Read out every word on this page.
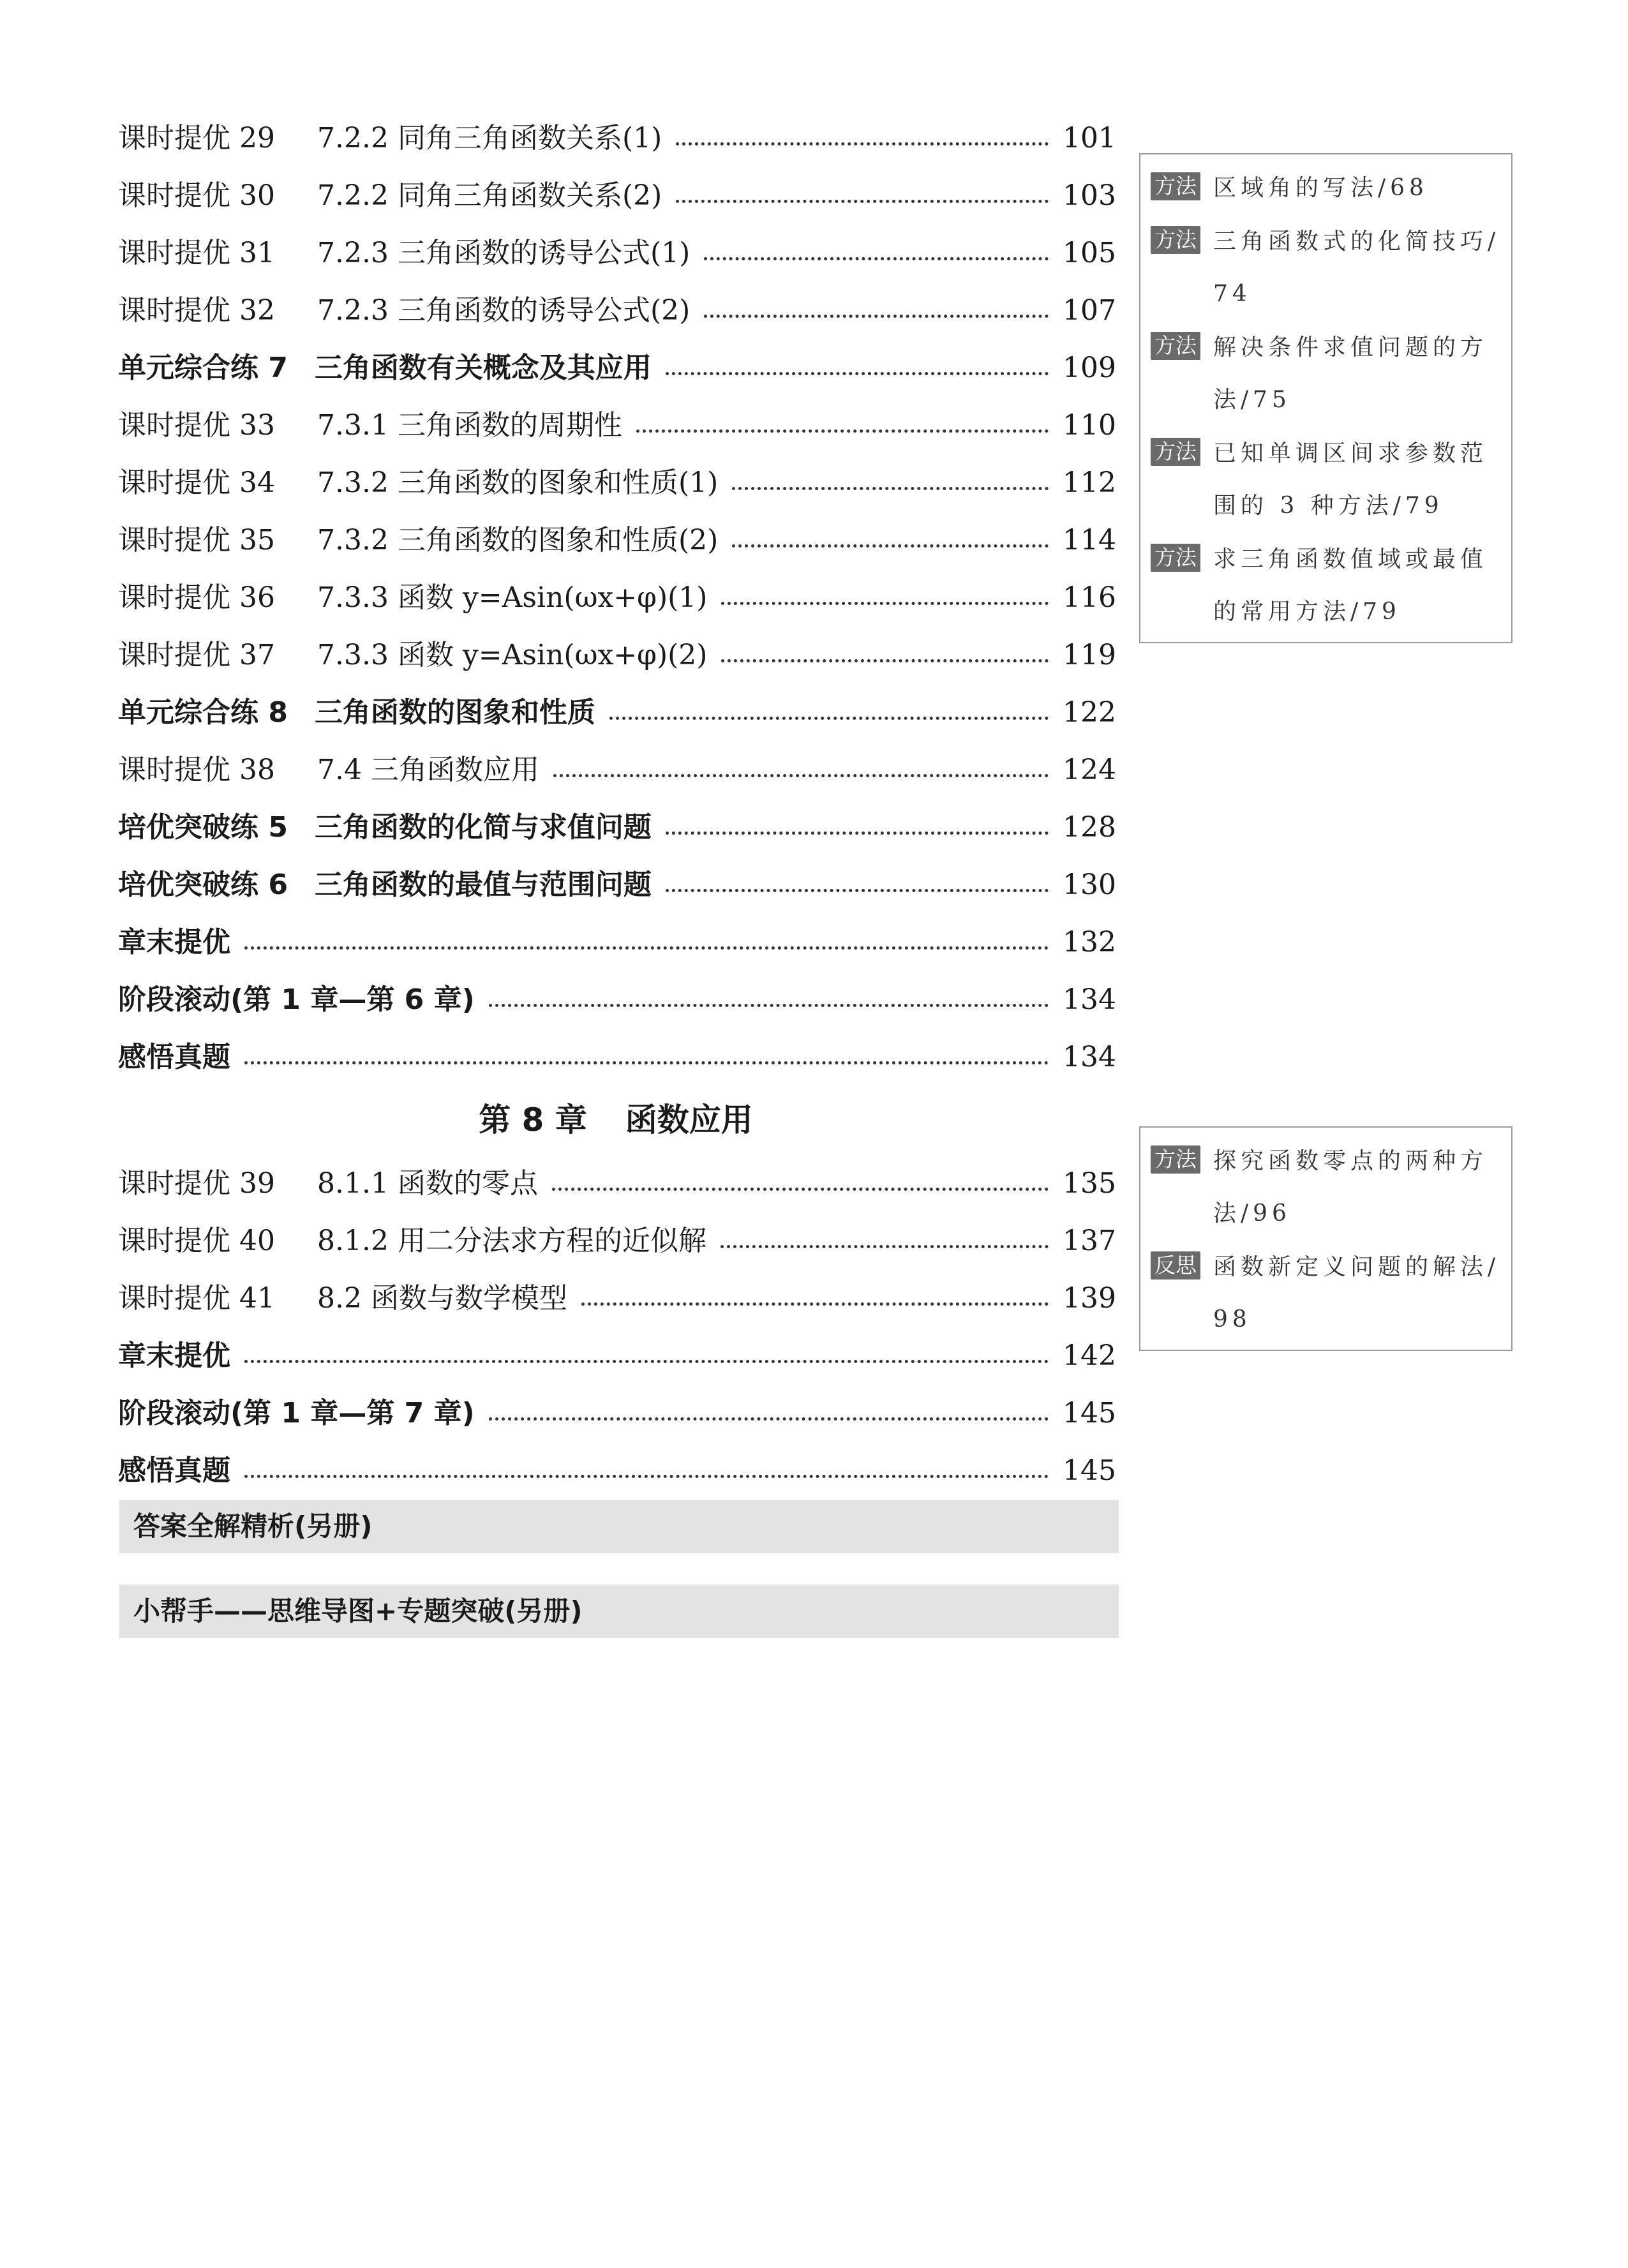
课时提优 29	7.2.2 同角三角函数关系(1)	101
课时提优 30	7.2.2 同角三角函数关系(2)	103
课时提优 31	7.2.3 三角函数的诱导公式(1)	105
课时提优 32	7.2.3 三角函数的诱导公式(2)	107
单元综合练 7 三角函数有关概念及其应用	109
课时提优 33	7.3.1 三角函数的周期性	110
课时提优 34	7.3.2 三角函数的图象和性质(1)	112
课时提优 35	7.3.2 三角函数的图象和性质(2)	114
课时提优 36	7.3.3 函数 y=Asin(ωx+φ)(1)	116
课时提优 37	7.3.3 函数 y=Asin(ωx+φ)(2)	119
单元综合练 8 三角函数的图象和性质	122
课时提优 38	7.4 三角函数应用	124
培优突破练 5 三角函数的化简与求值问题	128
培优突破练 6 三角函数的最值与范围问题	130
章末提优	132
阶段滚动(第 1 章—第 6 章)	134
感悟真题	134
第 8 章 函数应用
课时提优 39	8.1.1 函数的零点	135
课时提优 40	8.1.2 用二分法求方程的近似解	137
课时提优 41	8.2 函数与数学模型	139
章末提优	142
阶段滚动(第 1 章—第 7 章)	145
感悟真题	145
答案全解精析(另册)
小帮手——思维导图+专题突破(另册)
方法 区域角的写法/68
方法 三角函数式的化简技巧/74
方法 解决条件求值问题的方法/75
方法 已知单调区间求参数范围的 3 种方法/79
方法 求三角函数值域或最值的常用方法/79
方法 探究函数零点的两种方法/96
反思 函数新定义问题的解法/98
